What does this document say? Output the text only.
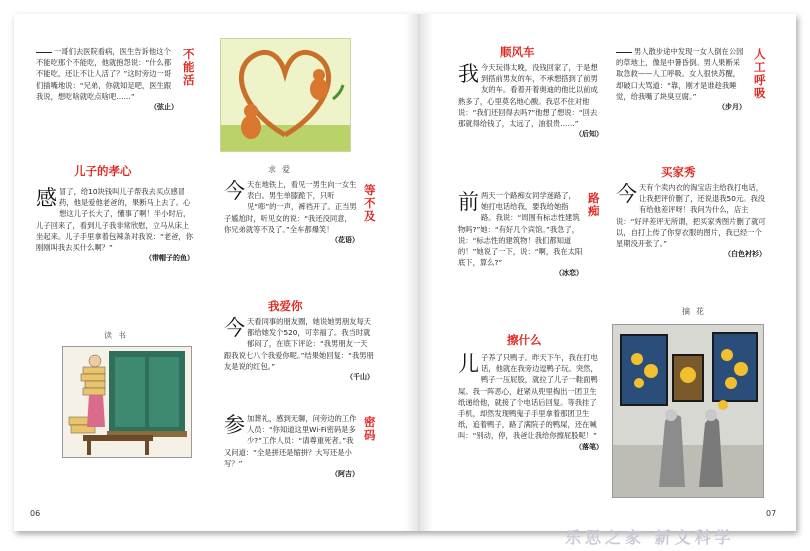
一哥们去医院看病，医生告诉他这个不能吃那个不能吃，他就抱怨说：“什么都不能吃，还让不让人活了？”这时旁边一哥们插嘴地说：“兄弟，你就知足吧，医生跟我说，想吃啥就吃点啥吧……”

（弦止）

不能活
儿子的孝心

感冒了，给10块钱叫儿子帮我去买点感冒药，他是爱他老爸的，果断马上去了。心想这儿子长大了，懂事了啊！半小时后，儿子回来了，看到儿子我非常欣慰，立马从床上坐起来。儿子手里拿着包辣条对我说：“老爸，你刚刚叫我去买什么啊？”

（带帽子的鱼）

读书
求爱

今天在地铁上，看见一男生向一女生表白。男生单膝跪下，只听见“嘭”的一声，裤裆开了。正当男子尴尬时，听见女的说：“我还没同意，你兄弟就等不及了。”全车都爆笑！

（花语）

等不及
我爱你

今天看同事的朋友圈，她说她男朋友每天都给她发个520，可幸福了。我当时就郁闷了，在底下评论：“我男朋友一天跟我说七八个我爱你呢。”结果她回复：“我男朋友是说的红包。”

（千山）

参加葬礼，感到无聊，问旁边的工作人员：“你知道这里Wi-Fi密码是多少?”工作人员：“请尊重死者。”我又问道：“全是拼还是缩拼？大写还是小写？”

（阿吉）

密码
06
顺风车

我今天玩得太晚，没钱回家了，于是想到搭前男友的车，不承想搭到了前男友的车。看着开着奥迪的他比以前成熟多了，心里莫名地心酸。我忍不住对他说：“我们还回得去吗?”他想了想说：“回去那就得给钱了，太远了，油很贵……”

（后知）

前两天一个路痴女同学迷路了，她打电话给我，要我给她指路。我说：“周围有标志性建筑物吗?”她：“有好几个宾馆。”我急了，说：“标志性的建筑物！我们都知道的！”她说了一下，说：“啊，我在太阳底下，算么?”

（冰恋）

路痴
擦什么

儿子养了只鸭子。昨天下午，我在打电话，他就在我旁边逗鸭子玩。突然，鸭子一压屁股，就拉了儿子一鞋面鸭屎。我一阵恶心，赶紧从兜里掏出一团卫生纸递给他，就接了个电话后回复。等我挂了手机，却然发现鸭鬼子手里拿着那团卫生纸，追着鸭子，路了满院子的鸭屎，还在喊叫：“别动，停，我爸让我给你擦屁股呢！”

（落笔）

男人散步途中发现一女人倒在公园的草地上，像是中暑昏倒。男人果断采取急救——人工呼吸。女人很快苏醒，却破口大骂道：“靠，刚才是谁趁我睡觉，给我嘴了块臭豆腐。”

（步月）

人工呼吸
买家秀

今天有个卖内衣的淘宝店主给我打电话，让我把评价删了，还说退我50元。我没有给他差评呀！我问为什么，店主说：“好评差评无所谓，把买家秀图片删了就可以，自打上传了你穿衣服的图片，我已经一个星期没开张了。”

（白色衬衫）

摘花
07
乐思之家 新文科学
